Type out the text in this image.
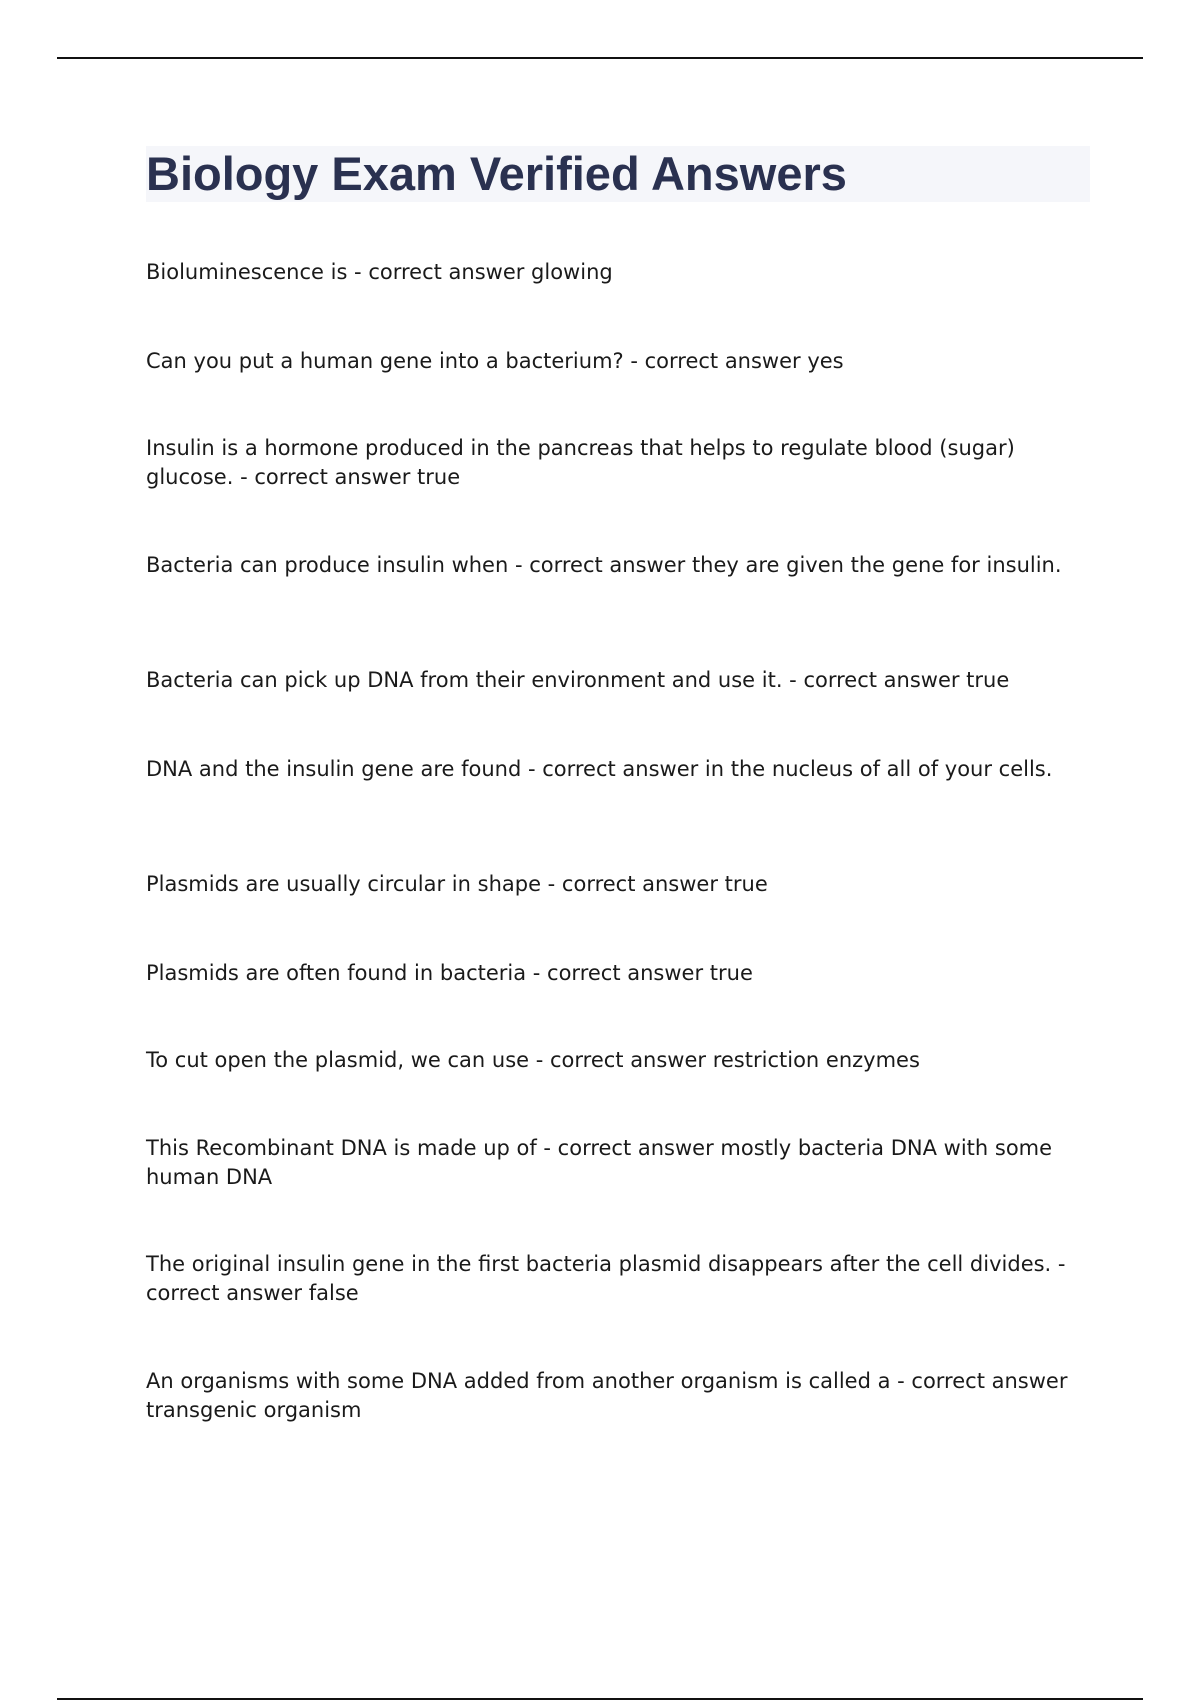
Biology Exam Verified Answers
Bioluminescence is - correct answer glowing
Can you put a human gene into a bacterium? - correct answer yes
Insulin is a hormone produced in the pancreas that helps to regulate blood (sugar) glucose. - correct answer true
Bacteria can produce insulin when - correct answer they are given the gene for insulin.
Bacteria can pick up DNA from their environment and use it. - correct answer true
DNA and the insulin gene are found - correct answer in the nucleus of all of your cells.
Plasmids are usually circular in shape - correct answer true
Plasmids are often found in bacteria - correct answer true
To cut open the plasmid, we can use - correct answer restriction enzymes
This Recombinant DNA is made up of - correct answer mostly bacteria DNA with some human DNA
The original insulin gene in the first bacteria plasmid disappears after the cell divides. - correct answer false
An organisms with some DNA added from another organism is called a - correct answer transgenic organism
